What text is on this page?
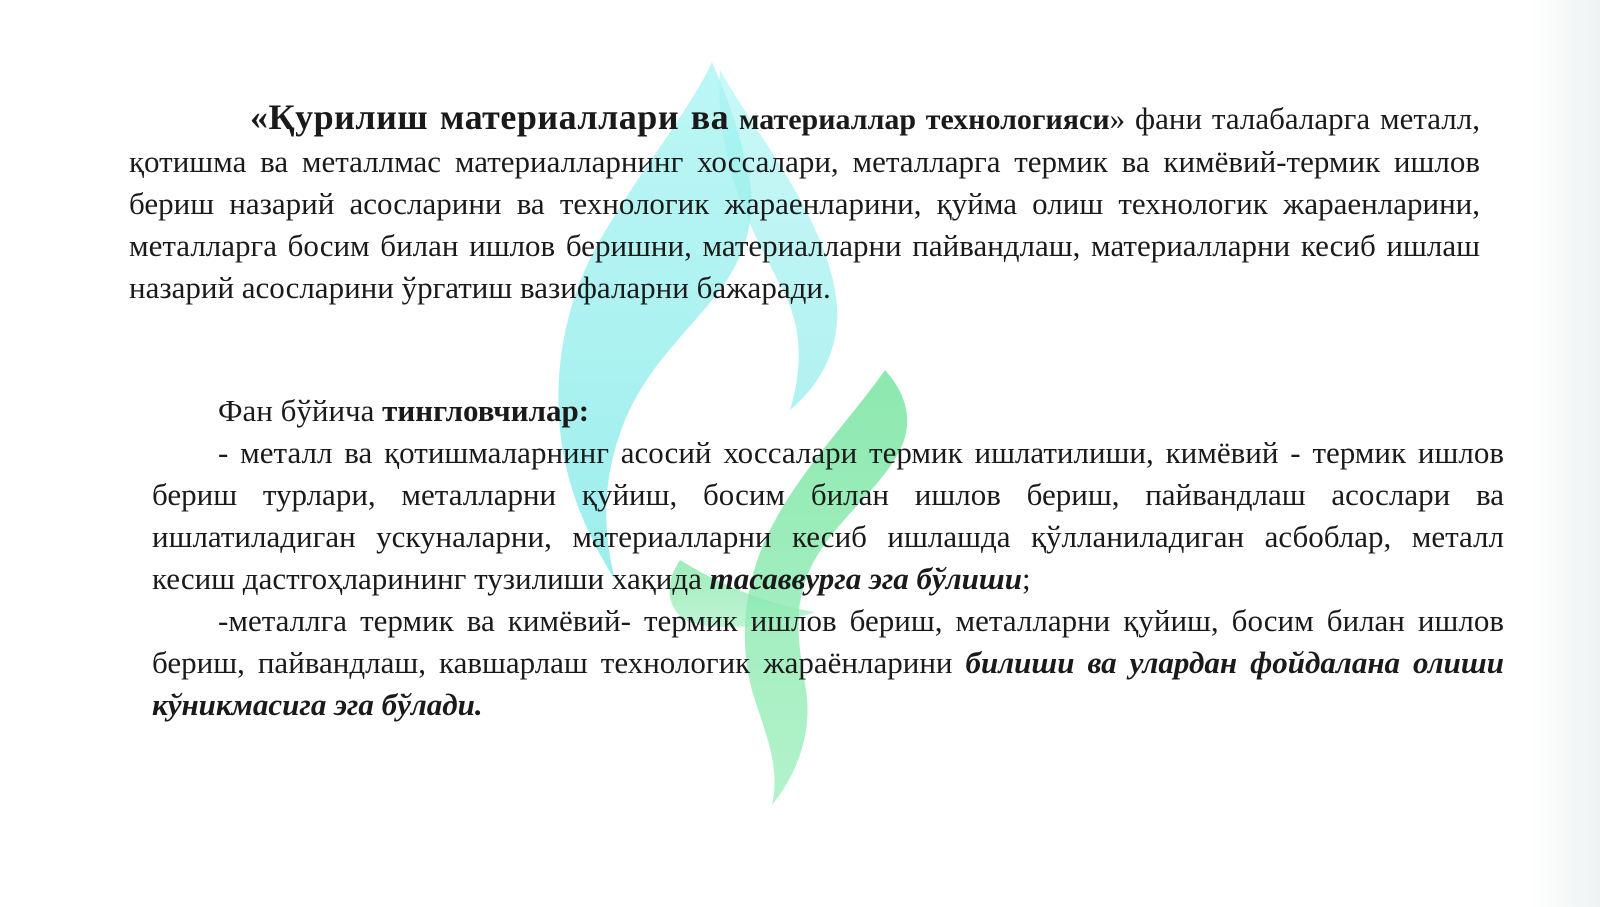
«Қурилиш материаллари ва материаллар технологияси» фани талабаларга металл, қотишма ва металлмас материалларнинг хоссалари, металларга термик ва кимёвий-термик ишлов бериш назарий асосларини ва технологик жараенларини, қуйма олиш технологик жараенларини, металларга босим билан ишлов беришни, материалларни пайвандлаш, материалларни кесиб ишлаш назарий асосларини ўргатиш вазифаларни бажаради.

Фан бўйича тингловчилар:
- металл ва қотишмаларнинг асосий хоссалари термик ишлатилиши, кимёвий - термик ишлов бериш турлари, металларни қуйиш, босим билан ишлов бериш, пайвандлаш асослари ва ишлатиладиган ускуналарни, материалларни кесиб ишлашда қўлланиладиган асбоблар, металл кесиш дастгоҳларининг тузилиши хақида тасаввурга эга бўлиши;
-металлга термик ва кимёвий- термик ишлов бериш, металларни қуйиш, босим билан ишлов бериш, пайвандлаш, кавшарлаш технологик жараёнларини билиши ва улардан фойдалана олиши кўникмасига эга бўлади.
